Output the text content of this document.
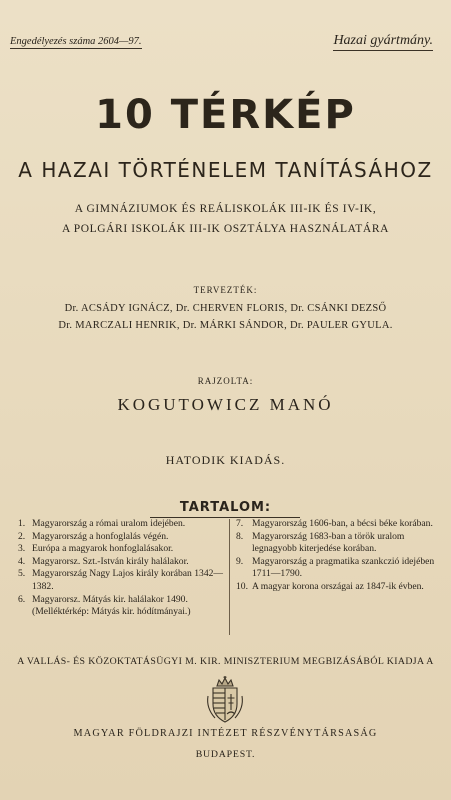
Engedélyezés száma 2604—97.	Hazai gyártmány.
10 TÉRKÉP
A HAZAI TÖRTÉNELEM TANÍTÁSÁHOZ
A GIMNÁZIUMOK ÉS REÁLISKOLÁK III-IK ÉS IV-IK,
A POLGÁRI ISKOLÁK III-IK OSZTÁLYA HASZNÁLATÁRA
TERVEZTÉK:
Dr. ACSÁDY IGNÁCZ, Dr. CHERVEN FLORIS, Dr. CSÁNKI DEZSŐ
Dr. MARCZALI HENRIK, Dr. MÁRKI SÁNDOR, Dr. PAULER GYULA.
RAJZOLTA:
KOGUTOWICZ MANÓ
HATODIK KIADÁS.
TARTALOM:
1. Magyarország a római uralom idejében.
2. Magyarország a honfoglalás végén.
3. Európa a magyarok honfoglalásakor.
4. Magyarorsz. Szt.-István király halálakor.
5. Magyarország Nagy Lajos király korában 1342—1382.
6. Magyarorsz. Mátyás kir. halálakor 1490. (Melléktérkép: Mátyás kir. hódítmányai.)
7. Magyarország 1606-ban, a bécsi béke korában.
8. Magyarország 1683-ban a török uralom legnagyobb kiterjedése korában.
9. Magyarország a pragmatika szankczió idejében 1711—1790.
10. A magyar korona országai az 1847-ik évben.
A VALLÁS- ÉS KÖZOKTATÁSÜGYI M. KIR. MINISZTERIUM MEGBIZÁSÁBÓL KIADJA A
MAGYAR FÖLDRAJZI INTÉZET RÉSZVÉNYTÁRSASÁG
BUDAPEST.
